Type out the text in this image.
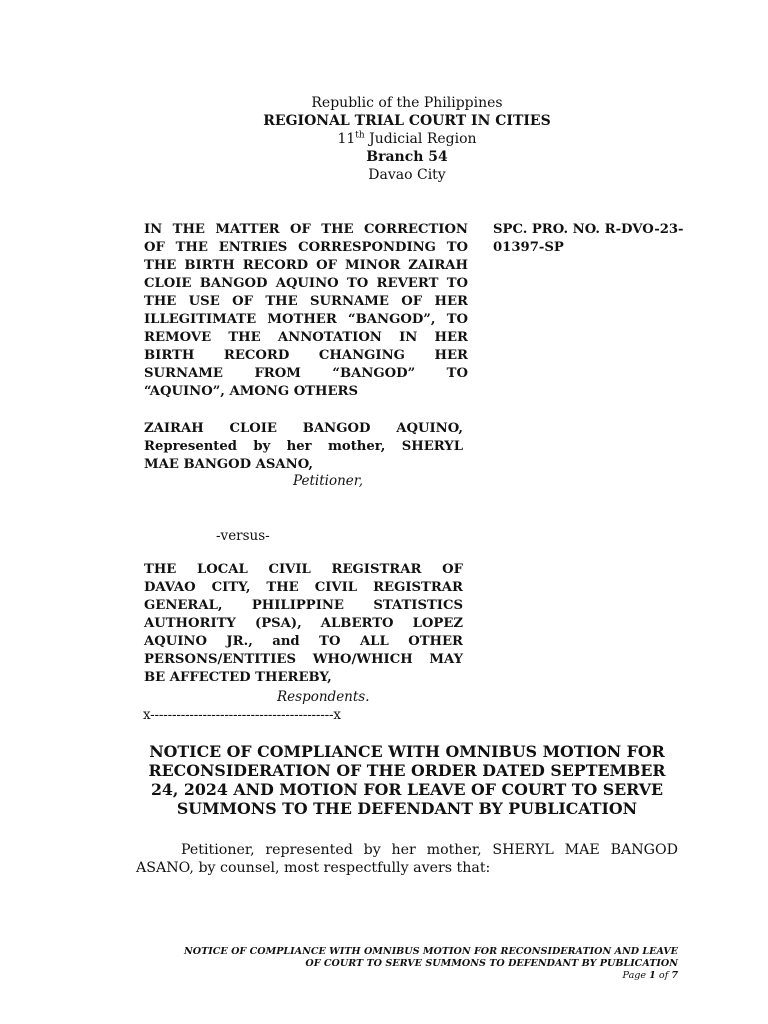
Republic of the Philippines
REGIONAL TRIAL COURT IN CITIES
11th Judicial Region
Branch 54
Davao City
IN THE MATTER OF THE CORRECTION
OF THE ENTRIES CORRESPONDING TO
THE BIRTH RECORD OF MINOR ZAIRAH
CLOIE BANGOD AQUINO TO REVERT TO
THE USE OF THE SURNAME OF HER
ILLEGITIMATE MOTHER “BANGOD”, TO
REMOVE THE ANNOTATION IN HER
BIRTH RECORD CHANGING HER
SURNAME FROM “BANGOD” TO
“AQUINO”, AMONG OTHERS
SPC. PRO. NO. R-DVO-23-
01397-SP
ZAIRAH CLOIE BANGOD AQUINO,
Represented by her mother, SHERYL
MAE BANGOD ASANO,
Petitioner,
-versus-
THE LOCAL CIVIL REGISTRAR OF
DAVAO CITY, THE CIVIL REGISTRAR
GENERAL, PHILIPPINE STATISTICS
AUTHORITY (PSA), ALBERTO LOPEZ
AQUINO JR., and TO ALL OTHER
PERSONS/ENTITIES WHO/WHICH MAY
BE AFFECTED THEREBY,
Respondents.
x------------------------------------------x
NOTICE OF COMPLIANCE WITH OMNIBUS MOTION FOR
RECONSIDERATION OF THE ORDER DATED SEPTEMBER
24, 2024 AND MOTION FOR LEAVE OF COURT TO SERVE
SUMMONS TO THE DEFENDANT BY PUBLICATION
Petitioner, represented by her mother, SHERYL MAE BANGOD ASANO, by counsel, most respectfully avers that:
NOTICE OF COMPLIANCE WITH OMNIBUS MOTION FOR RECONSIDERATION AND LEAVE
OF COURT TO SERVE SUMMONS TO DEFENDANT BY PUBLICATION
Page 1 of 7
